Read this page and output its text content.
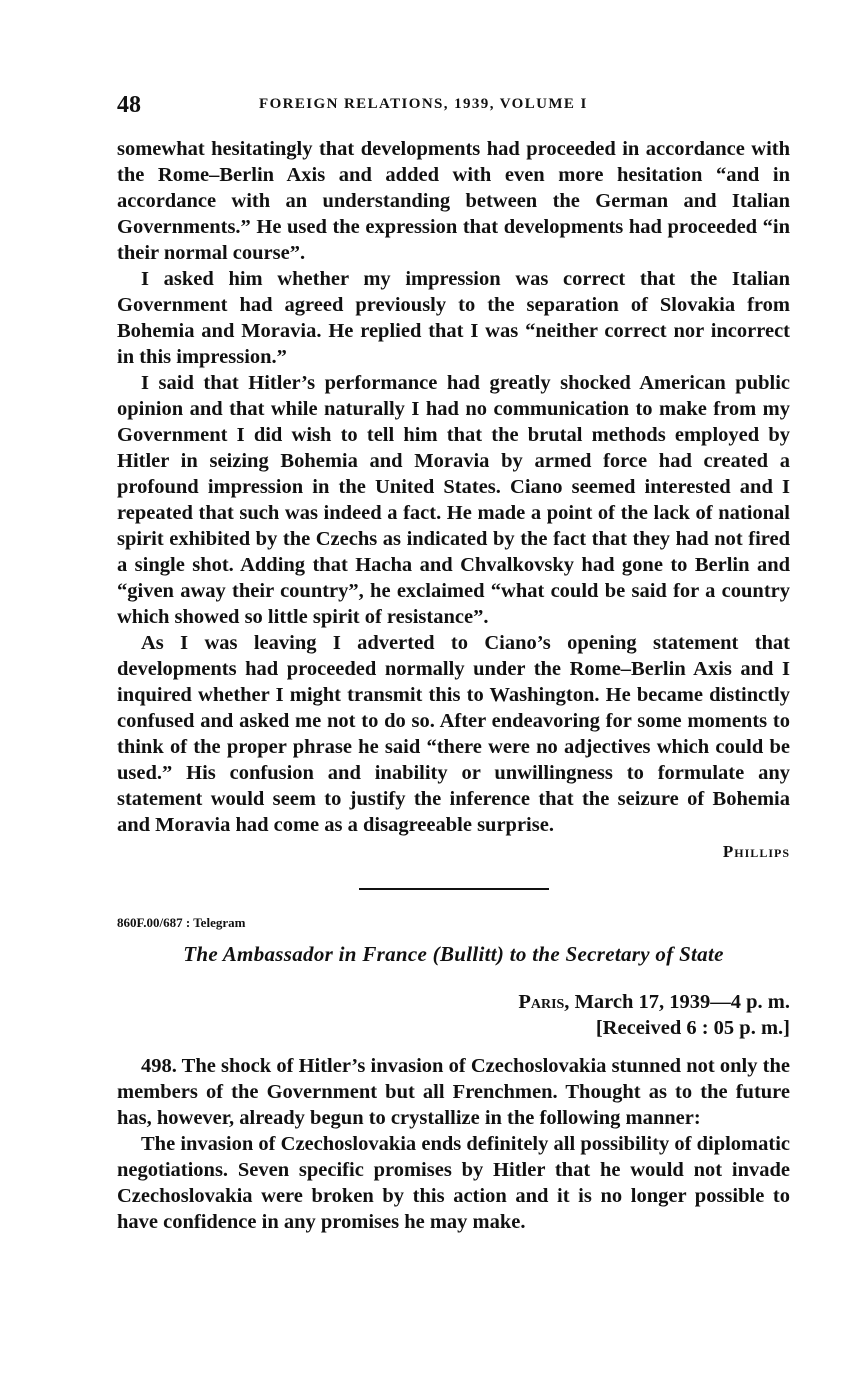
48	FOREIGN RELATIONS, 1939, VOLUME I

somewhat hesitatingly that developments had proceeded in accordance with the Rome–Berlin Axis and added with even more hesitation “and in accordance with an understanding between the German and Italian Governments.” He used the expression that developments had proceeded “in their normal course”.

I asked him whether my impression was correct that the Italian Government had agreed previously to the separation of Slovakia from Bohemia and Moravia. He replied that I was “neither correct nor incorrect in this impression.”

I said that Hitler’s performance had greatly shocked American public opinion and that while naturally I had no communication to make from my Government I did wish to tell him that the brutal methods employed by Hitler in seizing Bohemia and Moravia by armed force had created a profound impression in the United States. Ciano seemed interested and I repeated that such was indeed a fact. He made a point of the lack of national spirit exhibited by the Czechs as indicated by the fact that they had not fired a single shot. Adding that Hacha and Chvalkovsky had gone to Berlin and “given away their country”, he exclaimed “what could be said for a country which showed so little spirit of resistance”.

As I was leaving I adverted to Ciano’s opening statement that developments had proceeded normally under the Rome–Berlin Axis and I inquired whether I might transmit this to Washington. He became distinctly confused and asked me not to do so. After endeavoring for some moments to think of the proper phrase he said “there were no adjectives which could be used.” His confusion and inability or unwillingness to formulate any statement would seem to justify the inference that the seizure of Bohemia and Moravia had come as a disagreeable surprise.

Phillips
860F.00/687 : Telegram
The Ambassador in France (Bullitt) to the Secretary of State
Paris, March 17, 1939—4 p. m.
[Received 6 : 05 p. m.]

498. The shock of Hitler’s invasion of Czechoslovakia stunned not only the members of the Government but all Frenchmen. Thought as to the future has, however, already begun to crystallize in the following manner:

The invasion of Czechoslovakia ends definitely all possibility of diplomatic negotiations. Seven specific promises by Hitler that he would not invade Czechoslovakia were broken by this action and it is no longer possible to have confidence in any promises he may make.
